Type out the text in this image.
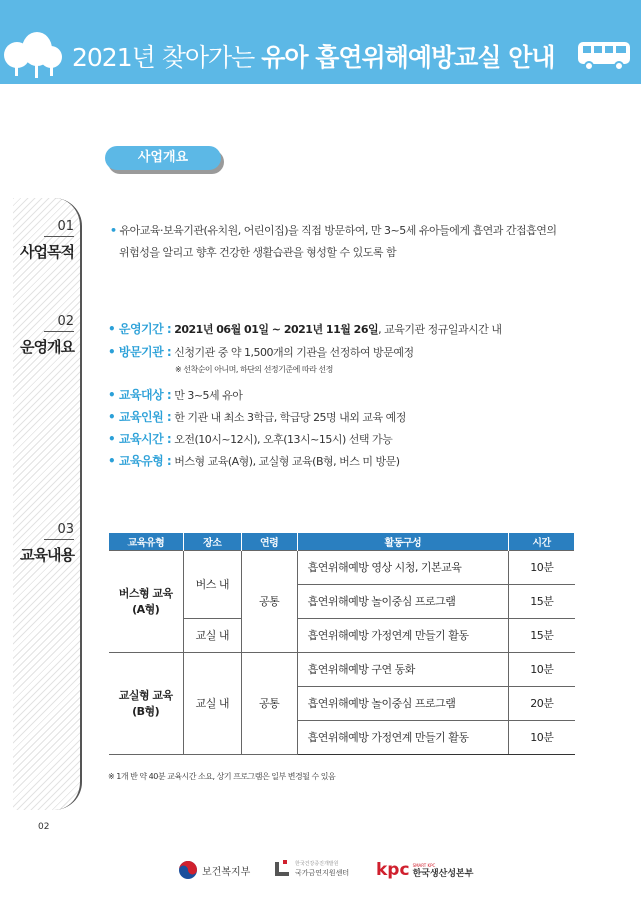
2021년 찾아가는 유아 흡연위해예방교실 안내
사업개요
01
사업목적
02
운영개요
03
교육내용
• 유아교육·보육기관(유치원, 어린이집)을 직접 방문하여, 만 3~5세 유아들에게 흡연과 간접흡연의
위험성을 알리고 향후 건강한 생활습관을 형성할 수 있도록 함
• 운영기간 : 2021년 06월 01일 ~ 2021년 11월 26일, 교육기관 정규일과시간 내
• 방문기관 : 신청기관 중 약 1,500개의 기관을 선정하여 방문예정
※ 선착순이 아니며, 하단의 선정기준에 따라 선정
• 교육대상 : 만 3~5세 유아
• 교육인원 : 한 기관 내 최소 3학급, 학급당 25명 내외 교육 예정
• 교육시간 : 오전(10시~12시), 오후(13시~15시) 선택 가능
• 교육유형 : 버스형 교육(A형), 교실형 교육(B형, 버스 미 방문)
교육유형	장소	연령	활동구성	시간

버스형 교육
(A형)	버스 내	공통	흡연위해예방 영상 시청, 기본교육	10분
			흡연위해예방 놀이중심 프로그램	15분
	교실 내		흡연위해예방 가정연계 만들기 활동	15분

교실형 교육
(B형)	교실 내	공통	흡연위해예방 구연 동화	10분
			흡연위해예방 놀이중심 프로그램	20분
			흡연위해예방 가정연계 만들기 활동	10분
※ 1개 반 약 40분 교육시간 소요, 상기 프로그램은 일부 변경될 수 있음
02
보건복지부
한국건강증진개발원
국가금연지원센터 kpc SMART KPC
한국생산성본부
